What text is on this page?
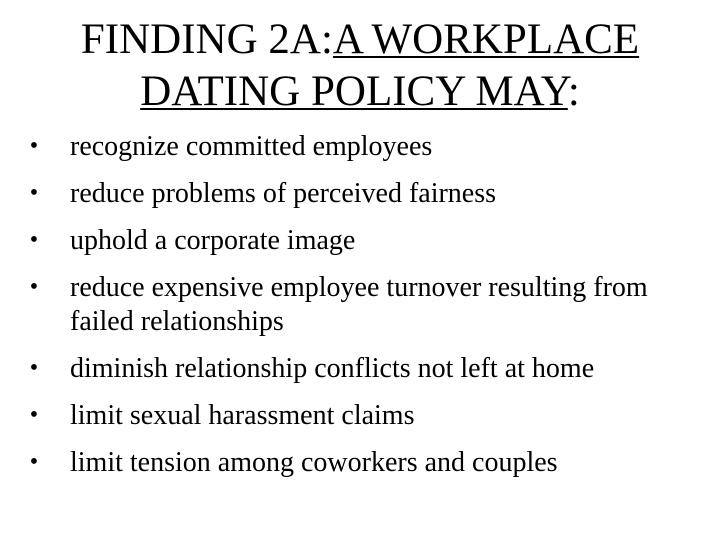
FINDING 2A:A WORKPLACE
DATING POLICY MAY:
• recognize committed employees
• reduce problems of perceived fairness
• uphold a corporate image
• reduce expensive employee turnover resulting from failed relationships
• diminish relationship conflicts not left at home
• limit sexual harassment claims
• limit tension among coworkers and couples
